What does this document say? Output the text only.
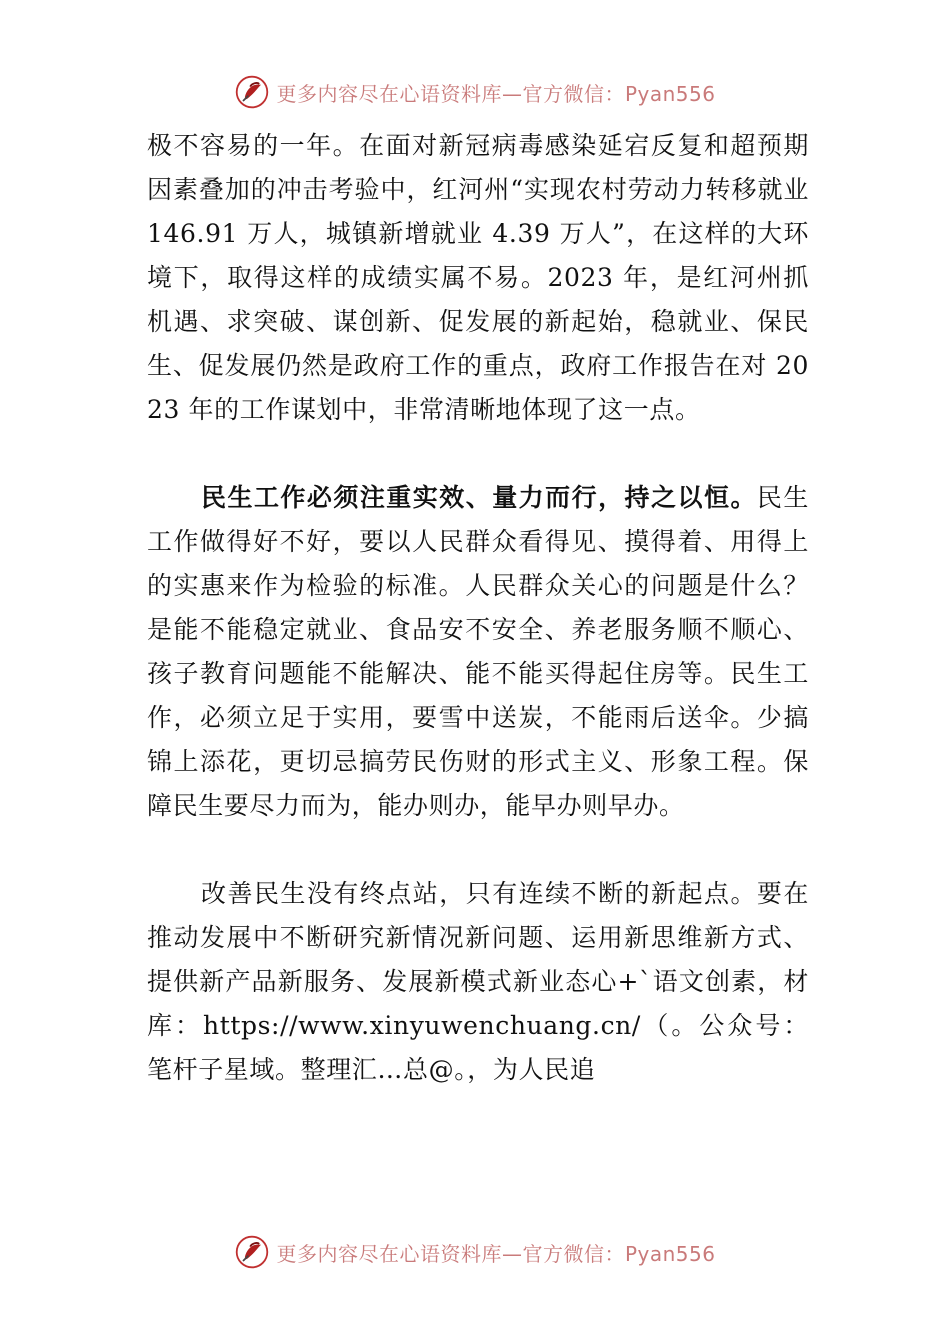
更多内容尽在心语资料库—官方微信：Pyan556

极不容易的一年。在面对新冠病毒感染延宕反复和超预期因素叠加的冲击考验中，红河州“实现农村劳动力转移就业 146.91 万人，城镇新增就业 4.39 万人”，在这样的大环境下，取得这样的成绩实属不易。2023 年，是红河州抓机遇、求突破、谋创新、促发展的新起始，稳就业、保民生、促发展仍然是政府工作的重点，政府工作报告在对 2023 年的工作谋划中，非常清晰地体现了这一点。

民生工作必须注重实效、量力而行，持之以恒。民生工作做得好不好，要以人民群众看得见、摸得着、用得上的实惠来作为检验的标准。人民群众关心的问题是什么？是能不能稳定就业、食品安不安全、养老服务顺不顺心、孩子教育问题能不能解决、能不能买得起住房等。民生工作，必须立足于实用，要雪中送炭，不能雨后送伞。少搞锦上添花，更切忌搞劳民伤财的形式主义、形象工程。保障民生要尽力而为，能办则办，能早办则早办。

改善民生没有终点站，只有连续不断的新起点。要在推动发展中不断研究新情况新问题、运用新思维新方式、提供新产品新服务、发展新模式新业态心+`语文创素，材库：https://www.xinyuwenchuang.cn/（。公众号：笔杆子星域。整理汇…总@。，为人民追

更多内容尽在心语资料库—官方微信：Pyan556
